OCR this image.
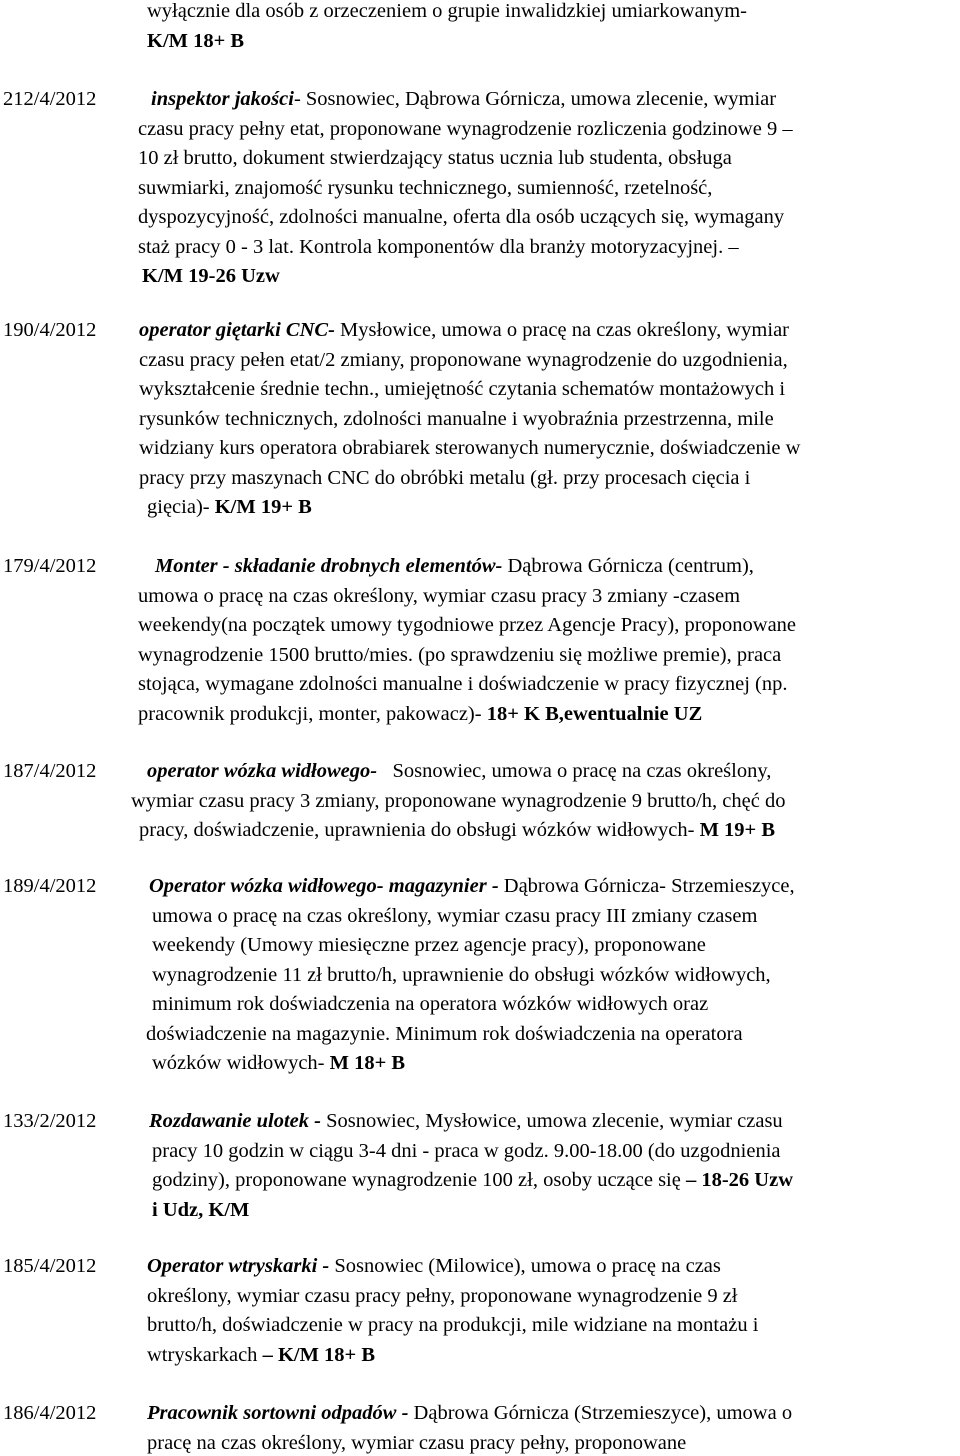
wyłącznie dla osób z orzeczeniem o grupie inwalidzkiej umiarkowanym-
K/M 18+ B
212/4/2012	inspektor jakości- Sosnowiec, Dąbrowa Górnicza, umowa zlecenie, wymiar
czasu pracy pełny etat, proponowane wynagrodzenie rozliczenia godzinowe 9 –
10 zł brutto, dokument stwierdzający status ucznia lub studenta, obsługa
suwmiarki, znajomość rysunku technicznego, sumienność, rzetelność,
dyspozycyjność, zdolności manualne, oferta dla osób uczących się, wymagany
staż pracy 0 - 3 lat. Kontrola komponentów dla branży motoryzacyjnej. –
K/M 19-26 Uzw
190/4/2012	operator giętarki CNC- Mysłowice, umowa o pracę na czas określony, wymiar
czasu pracy pełen etat/2 zmiany, proponowane wynagrodzenie do uzgodnienia,
wykształcenie średnie techn., umiejętność czytania schematów montażowych i
rysunków technicznych, zdolności manualne i wyobraźnia przestrzenna, mile
widziany kurs operatora obrabiarek sterowanych numerycznie, doświadczenie w
pracy przy maszynach CNC do obróbki metalu (gł. przy procesach cięcia i
gięcia)- K/M 19+ B
179/4/2012	Monter - składanie drobnych elementów- Dąbrowa Górnicza (centrum),
umowa o pracę na czas określony, wymiar czasu pracy 3 zmiany -czasem
weekendy(na początek umowy tygodniowe przez Agencje Pracy), proponowane
wynagrodzenie 1500 brutto/mies. (po sprawdzeniu się możliwe premie), praca
stojąca, wymagane zdolności manualne i doświadczenie w pracy fizycznej (np.
pracownik produkcji, monter, pakowacz)- 18+ K B,ewentualnie UZ
187/4/2012	operator wózka widłowego-   Sosnowiec, umowa o pracę na czas określony,
wymiar czasu pracy 3 zmiany, proponowane wynagrodzenie 9 brutto/h, chęć do
pracy, doświadczenie, uprawnienia do obsługi wózków widłowych- M 19+ B
189/4/2012	Operator wózka widłowego- magazynier - Dąbrowa Górnicza- Strzemieszyce,
umowa o pracę na czas określony, wymiar czasu pracy III zmiany czasem
weekendy (Umowy miesięczne przez agencje pracy), proponowane
wynagrodzenie 11 zł brutto/h, uprawnienie do obsługi wózków widłowych,
minimum rok doświadczenia na operatora wózków widłowych oraz
doświadczenie na magazynie. Minimum rok doświadczenia na operatora
wózków widłowych- M 18+ B
133/2/2012	Rozdawanie ulotek - Sosnowiec, Mysłowice, umowa zlecenie, wymiar czasu
pracy 10 godzin w ciągu 3-4 dni - praca w godz. 9.00-18.00 (do uzgodnienia
godziny), proponowane wynagrodzenie 100 zł, osoby uczące się – 18-26 Uzw
i Udz, K/M
185/4/2012	Operator wtryskarki - Sosnowiec (Milowice), umowa o pracę na czas
określony, wymiar czasu pracy pełny, proponowane wynagrodzenie 9 zł
brutto/h, doświadczenie w pracy na produkcji, mile widziane na montażu i
wtryskarkach – K/M 18+ B
186/4/2012	Pracownik sortowni odpadów - Dąbrowa Górnicza (Strzemieszyce), umowa o
pracę na czas określony, wymiar czasu pracy pełny, proponowane
